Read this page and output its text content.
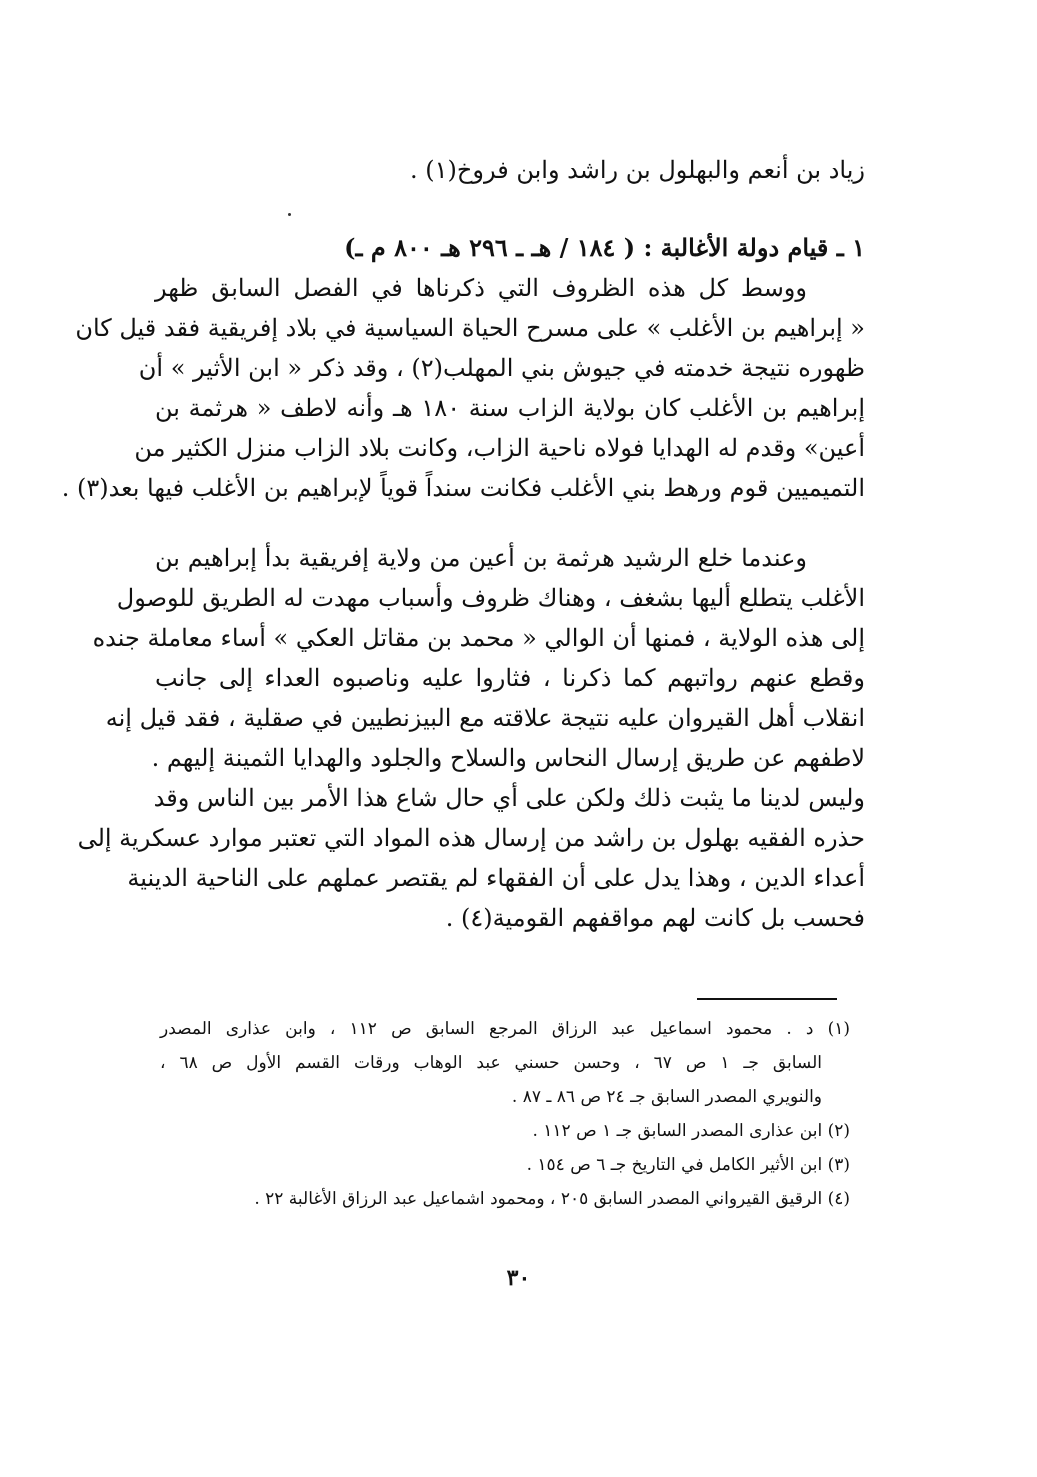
زياد بن أنعم والبهلول بن راشد وابن فروخ(١) .
١ ـ قيام دولة الأغالبة : ( ١٨٤ / هـ ـ ٢٩٦ هـ ٨٠٠ م ـ)
ووسط كل هذه الظروف التي ذكرناها في الفصل السابق ظهر
« إبراهيم بن الأغلب » على مسرح الحياة السياسية في بلاد إفريقية فقد قيل كان
ظهوره نتيجة خدمته في جيوش بني المهلب(٢) ، وقد ذكر « ابن الأثير » أن
إبراهيم بن الأغلب كان بولاية الزاب سنة ١٨٠ هـ وأنه لاطف « هرثمة بن
أعين» وقدم له الهدايا فولاه ناحية الزاب، وكانت بلاد الزاب منزل الكثير من
التميميين قوم ورهط بني الأغلب فكانت سنداً قوياً لإبراهيم بن الأغلب فيها بعد(٣) .
وعندما خلع الرشيد هرثمة بن أعين من ولاية إفريقية بدأ إبراهيم بن
الأغلب يتطلع أليها بشغف ، وهناك ظروف وأسباب مهدت له الطريق للوصول
إلى هذه الولاية ، فمنها أن الوالي « محمد بن مقاتل العكي » أساء معاملة جنده
وقطع عنهم رواتبهم كما ذكرنا ، فثاروا عليه وناصبوه العداء إلى جانب
انقلاب أهل القيروان عليه نتيجة علاقته مع البيزنطيين في صقلية ، فقد قيل إنه
لاطفهم عن طريق إرسال النحاس والسلاح والجلود والهدايا الثمينة إليهم .
وليس لدينا ما يثبت ذلك ولكن على أي حال شاع هذا الأمر بين الناس وقد
حذره الفقيه بهلول بن راشد من إرسال هذه المواد التي تعتبر موارد عسكرية إلى
أعداء الدين ، وهذا يدل على أن الفقهاء لم يقتصر عملهم على الناحية الدينية
فحسب بل كانت لهم مواقفهم القومية(٤) .
(١) د . محمود اسماعيل عبد الرزاق المرجع السابق ص ١١٢ ، وابن عذارى المصدر
السابق جـ ١ ص ٦٧ ، وحسن حسني عبد الوهاب ورقات القسم الأول ص ٦٨ ،
والنويري المصدر السابق جـ ٢٤ ص ٨٦ ـ ٨٧ .
(٢) ابن عذارى المصدر السابق جـ ١ ص ١١٢ .
(٣) ابن الأثير الكامل في التاريخ جـ ٦ ص ١٥٤ .
(٤) الرقيق القيرواني المصدر السابق ٢٠٥ ، ومحمود اشماعيل عبد الرزاق الأغالبة ٢٢ .
٣٠
